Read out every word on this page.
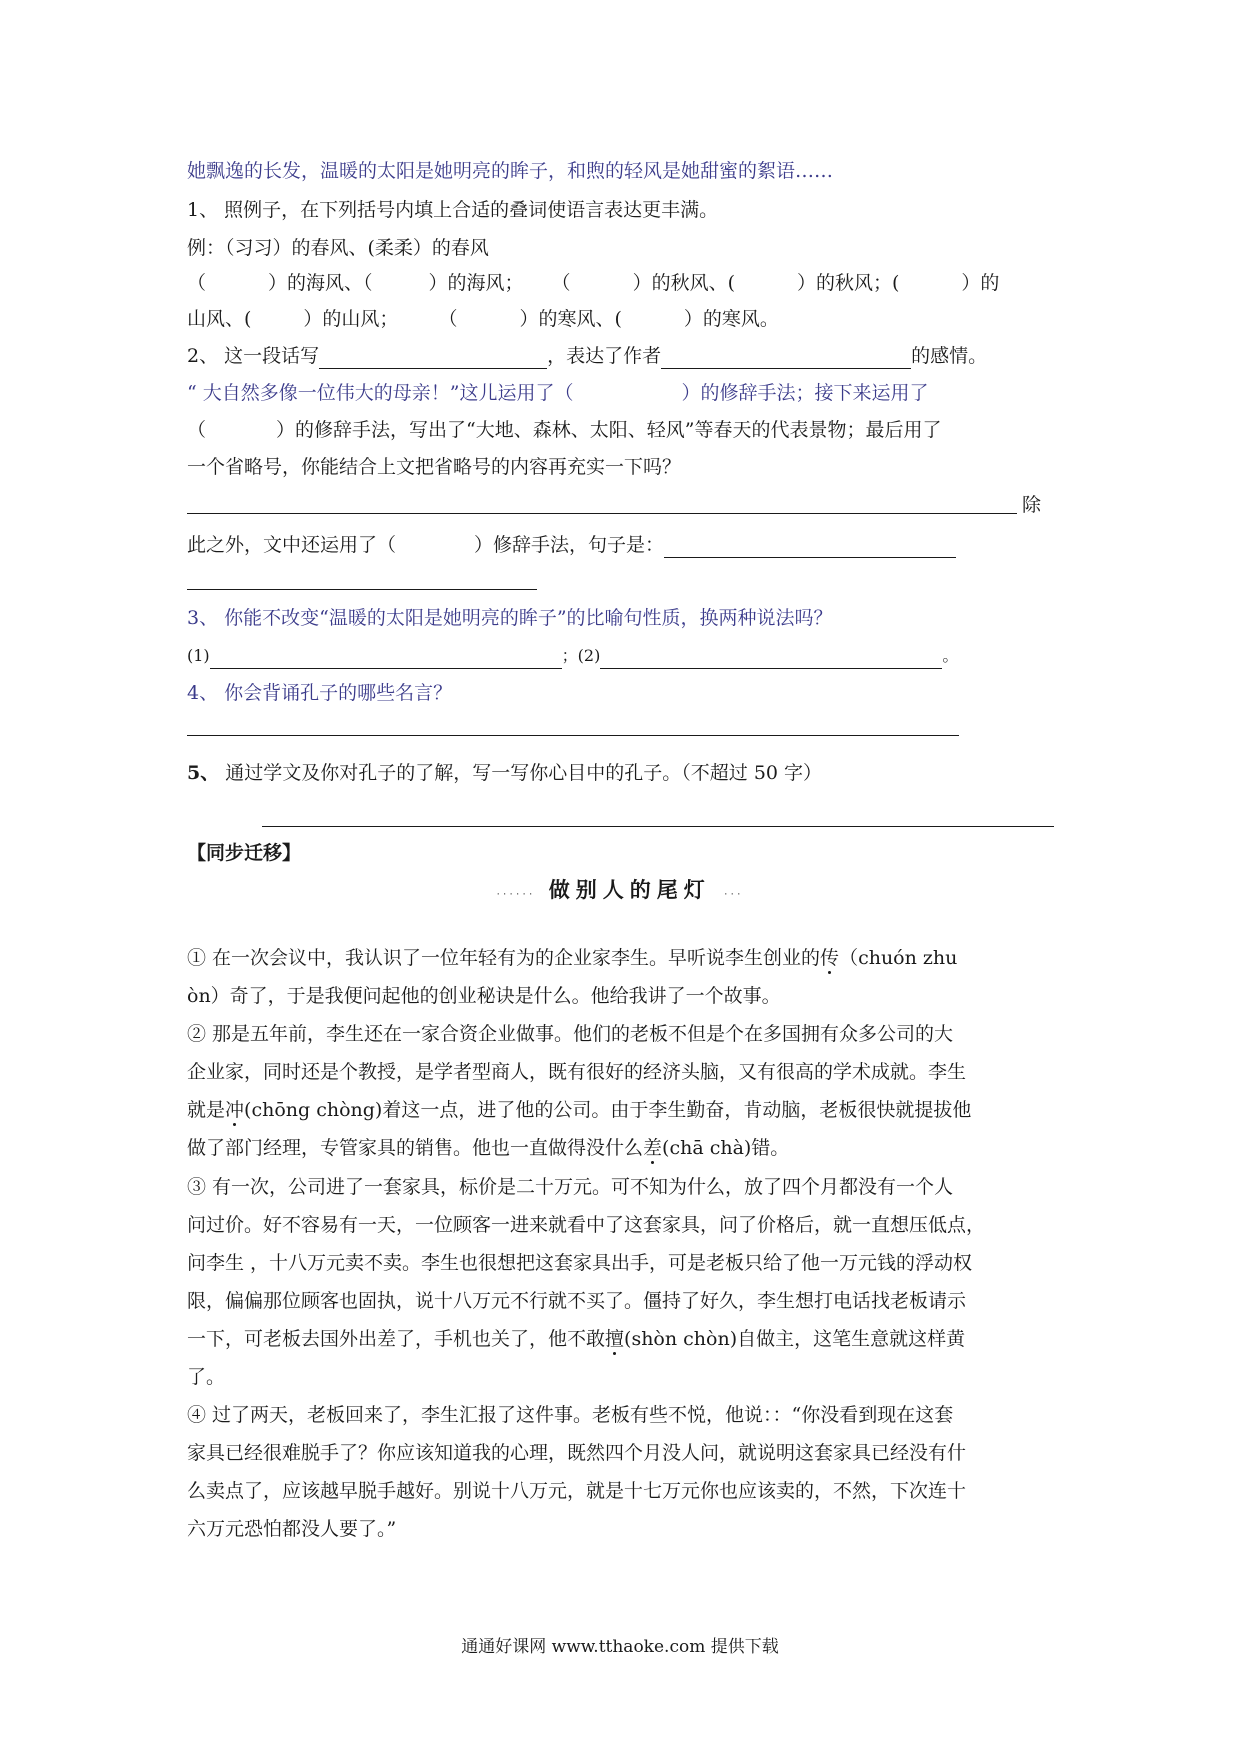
她飘逸的长发，温暖的太阳是她明亮的眸子，和煦的轻风是她甜蜜的絮语……
1、 照例子，在下列括号内填上合适的叠词使语言表达更丰满。
例：（习习）的春风、(柔柔）的春风
（	）的海风、（	）的海风； （	）的秋风、(	）的秋风；(	）的
山风、(	）的山风； （	）的寒风、(	）的寒风。
2、 这一段话写	，表达了作者	的感情。
“ 大自然多像一位伟大的母亲！”这儿运用了（	）的修辞手法；接下来运用了
（	）的修辞手法，写出了“大地、森林、太阳、轻风”等春天的代表景物；最后用了
一个省略号，你能结合上文把省略号的内容再充实一下吗？
除
此之外，文中还运用了（	）修辞手法，句子是：
3、 你能不改变“温暖的太阳是她明亮的眸子”的比喻句性质，换两种说法吗？
(1)	；(2)	。
4、 你会背诵孔子的哪些名言？
5、 通过学文及你对孔子的了解，写一写你心目中的孔子。（不超过 50 字）
【同步迁移】
...... 做别人的尾灯 ...
① 在一次会议中，我认识了一位年轻有为的企业家李生。早听说李生创业的传（chuón zhu
òn）奇了，于是我便问起他的创业秘诀是什么。他给我讲了一个故事。
② 那是五年前，李生还在一家合资企业做事。他们的老板不但是个在多国拥有众多公司的大
企业家，同时还是个教授，是学者型商人，既有很好的经济头脑，又有很高的学术成就。李生
就是冲(chōng chòng)着这一点，进了他的公司。由于李生勤奋，肯动脑，老板很快就提拔他
做了部门经理，专管家具的销售。他也一直做得没什么差(chā chà)错。
③ 有一次，公司进了一套家具，标价是二十万元。可不知为什么，放了四个月都没有一个人
问过价。好不容易有一天，一位顾客一进来就看中了这套家具，问了价格后，就一直想压低点，
问李生 ，十八万元卖不卖。李生也很想把这套家具出手，可是老板只给了他一万元钱的浮动权
限，偏偏那位顾客也固执，说十八万元不行就不买了。僵持了好久，李生想打电话找老板请示
一下，可老板去国外出差了，手机也关了，他不敢擅(shòn chòn)自做主，这笔生意就这样黄
了。
④ 过了两天，老板回来了，李生汇报了这件事。老板有些不悦，他说：：“你没看到现在这套
家具已经很难脱手了？你应该知道我的心理，既然四个月没人问，就说明这套家具已经没有什
么卖点了，应该越早脱手越好。别说十八万元，就是十七万元你也应该卖的，不然，下次连十
六万元恐怕都没人要了。”
通通好课网 www.tthaoke.com 提供下载
